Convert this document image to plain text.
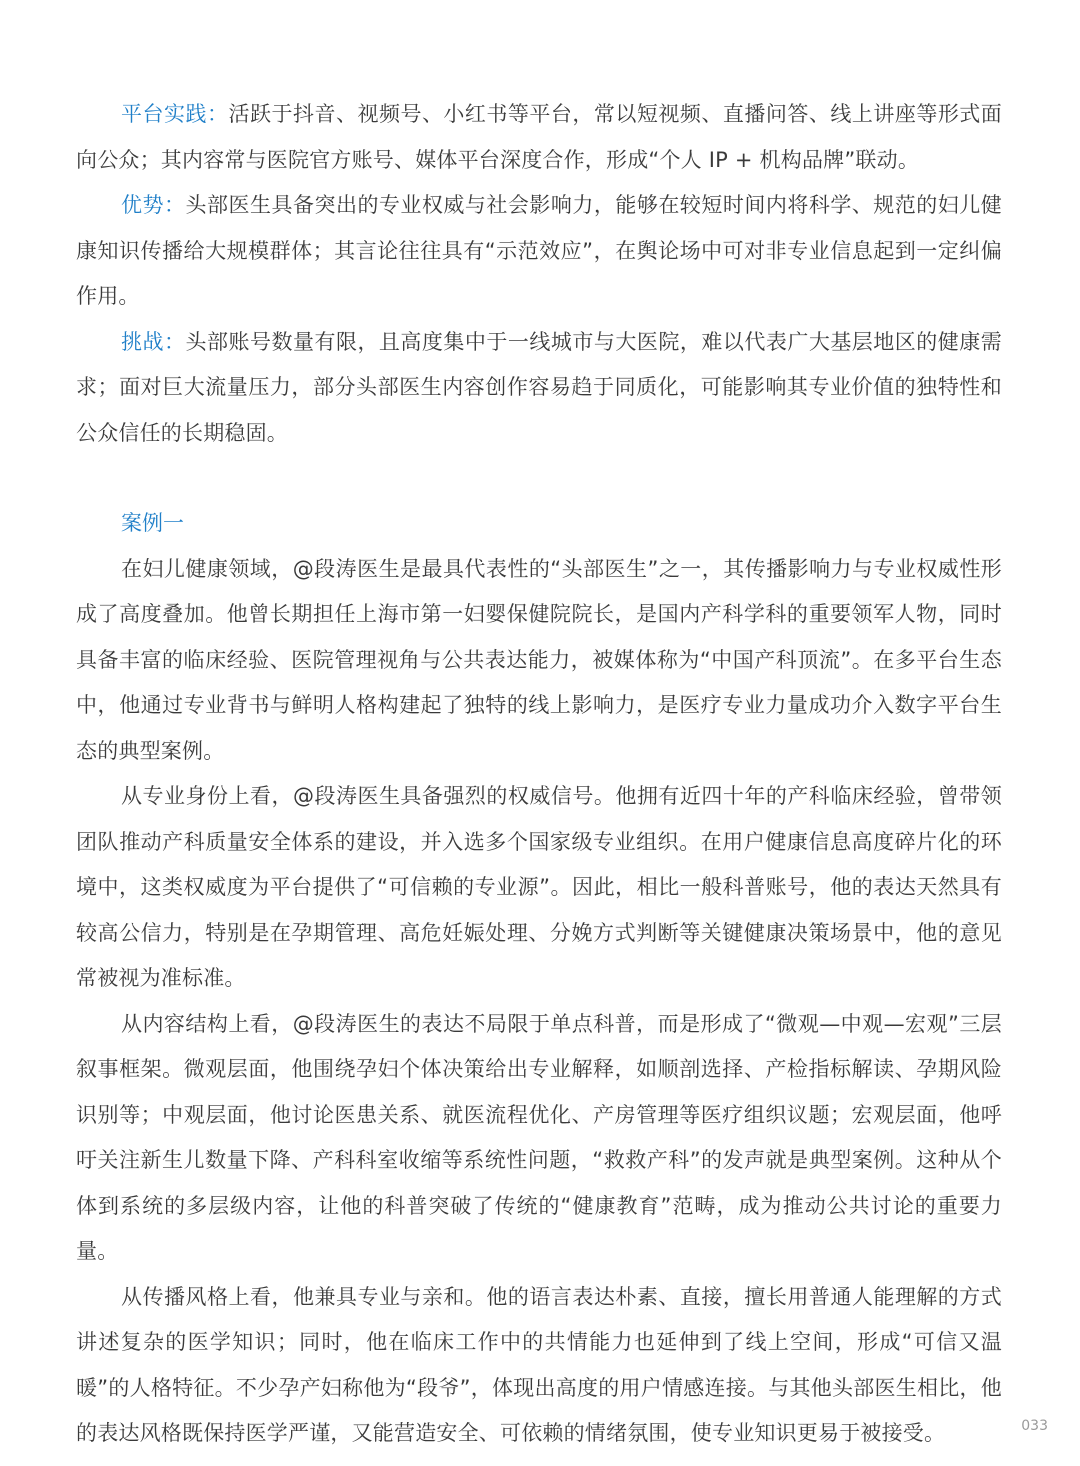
平台实践：活跃于抖音、视频号、小红书等平台，常以短视频、直播问答、线上讲座等形式面向公众；其内容常与医院官方账号、媒体平台深度合作，形成“个人 IP + 机构品牌”联动。

优势：头部医生具备突出的专业权威与社会影响力，能够在较短时间内将科学、规范的妇儿健康知识传播给大规模群体；其言论往往具有“示范效应”，在舆论场中可对非专业信息起到一定纠偏作用。

挑战：头部账号数量有限，且高度集中于一线城市与大医院，难以代表广大基层地区的健康需求；面对巨大流量压力，部分头部医生内容创作容易趋于同质化，可能影响其专业价值的独特性和公众信任的长期稳固。

案例一

在妇儿健康领域，@段涛医生是最具代表性的“头部医生”之一，其传播影响力与专业权威性形成了高度叠加。他曾长期担任上海市第一妇婴保健院院长，是国内产科学科的重要领军人物，同时具备丰富的临床经验、医院管理视角与公共表达能力，被媒体称为“中国产科顶流”。在多平台生态中，他通过专业背书与鲜明人格构建起了独特的线上影响力，是医疗专业力量成功介入数字平台生态的典型案例。

从专业身份上看，@段涛医生具备强烈的权威信号。他拥有近四十年的产科临床经验，曾带领团队推动产科质量安全体系的建设，并入选多个国家级专业组织。在用户健康信息高度碎片化的环境中，这类权威度为平台提供了“可信赖的专业源”。因此，相比一般科普账号，他的表达天然具有较高公信力，特别是在孕期管理、高危妊娠处理、分娩方式判断等关键健康决策场景中，他的意见常被视为准标准。

从内容结构上看，@段涛医生的表达不局限于单点科普，而是形成了“微观—中观—宏观”三层叙事框架。微观层面，他围绕孕妇个体决策给出专业解释，如顺剖选择、产检指标解读、孕期风险识别等；中观层面，他讨论医患关系、就医流程优化、产房管理等医疗组织议题；宏观层面，他呼吁关注新生儿数量下降、产科科室收缩等系统性问题，“救救产科”的发声就是典型案例。这种从个体到系统的多层级内容，让他的科普突破了传统的“健康教育”范畴，成为推动公共讨论的重要力量。

从传播风格上看，他兼具专业与亲和。他的语言表达朴素、直接，擅长用普通人能理解的方式讲述复杂的医学知识；同时，他在临床工作中的共情能力也延伸到了线上空间，形成“可信又温暖”的人格特征。不少孕产妇称他为“段爷”，体现出高度的用户情感连接。与其他头部医生相比，他的表达风格既保持医学严谨，又能营造安全、可依赖的情绪氛围，使专业知识更易于被接受。	033
